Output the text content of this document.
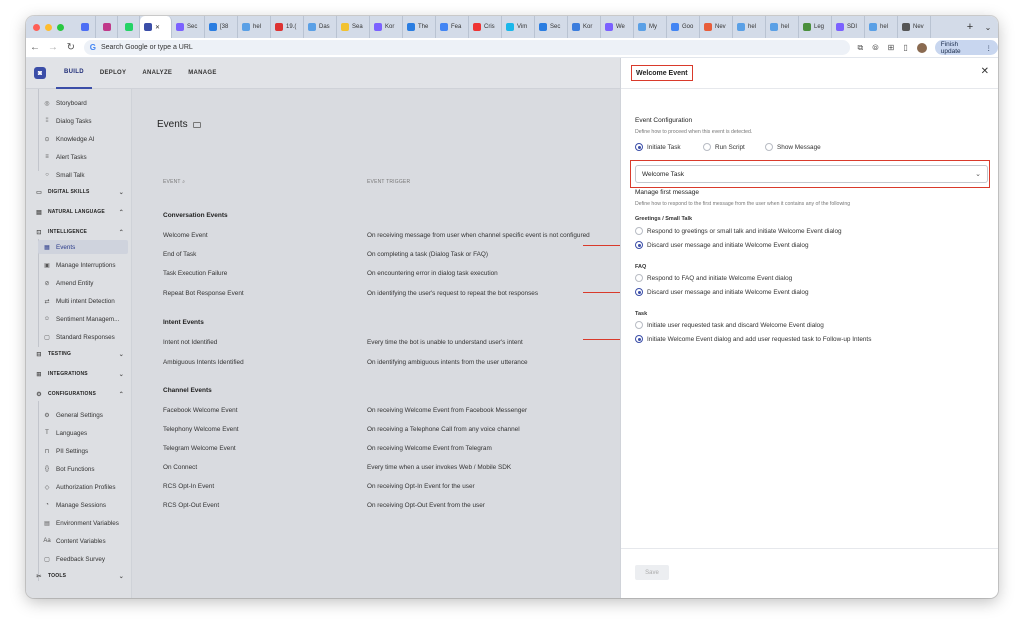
✕	Sec	[38	hel	19.(	Das	Sea	Kor	The	Fea	Cris	Vim	Sec	Kor	We	My	Goo	Nev	hel	hel	Leg	SDI	hel	Nev	+	⌄
← → ↻	G Search Google or type a URL	⧉ ⦾ ⊞ ▯	Finish update	⋮
◙	BUILD	DEPLOY	ANALYZE	MANAGE
◎	Storyboard
⁞⁞	Dialog Tasks
⊙	Knowledge AI
≡	Alert Tasks
○	Small Talk
▭	DIGITAL SKILLS	⌄
▤	NATURAL LANGUAGE ⌃
⊡	INTELLIGENCE	⌃
▦ Events
▣ Manage Interruptions
⊘	Amend Entity
⇄	Multi intent Detection
☺ Sentiment Managem...
▢ Standard Responses
⊟	TESTING	⌄
⊞	INTEGRATIONS	⌄
⚙	CONFIGURATIONS	⌃
⚙	General Settings
T	Languages
⊓	PII Settings
{}	Bot Functions
◇	Authorization Profiles
◔	Manage Sessions
▤ Environment Variables
Aa Content Variables
▢ Feedback Survey
✂	TOOLS	⌄
Events
EVENT ⌕	EVENT TRIGGER
Conversation Events
Welcome Event	On receiving message from user when channel specific event is not configured
End of Task	On completing a task (Dialog Task or FAQ)
Task Execution Failure	On encountering error in dialog task execution
Repeat Bot Response Event	On identifying the user's request to repeat the bot responses
Intent Events
Intent not Identified	Every time the bot is unable to understand user's intent
Ambiguous Intents Identified	On identifying ambiguous intents from the user utterance
Channel Events
Facebook Welcome Event	On receiving Welcome Event from Facebook Messenger
Telephony Welcome Event	On receiving a Telephone Call from any voice channel
Telegram Welcome Event	On receiving Welcome Event from Telegram
On Connect	Every time when a user invokes Web / Mobile SDK
RCS Opt-In Event	On receiving Opt-In Event for the user
RCS Opt-Out Event	On receiving Opt-Out Event from the user
Welcome Event	✕
Event Configuration
Define how to proceed when this event is detected.
Initiate Task	Run Script	Show Message
Welcome Task	⌄
Manage first message
Define how to respond to the first message from the user when it contains any of the following
Greetings / Small Talk
Respond to greetings or small talk and initiate Welcome Event dialog
Discard user message and initiate Welcome Event dialog
FAQ
Respond to FAQ and initiate Welcome Event dialog
Discard user message and initiate Welcome Event dialog
Task
Initiate user requested task and discard Welcome Event dialog
Initiate Welcome Event dialog and add user requested task to Follow-up Intents
Save
